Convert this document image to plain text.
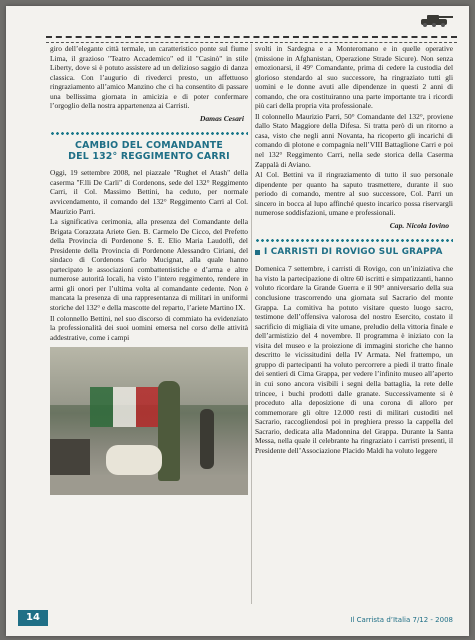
giro dell’elegante città termale, un caratteristico ponte sul fiume Lima, il grazioso "Teatro Accademico" ed il "Casinò" in stile Liberty, dove si è potuto assistere ad un delizioso saggio di danza classica. Con l’augurio di rivederci presto, un affettuoso ringraziamento all’amico Manzino che ci ha consentito di passare una bellissima giornata in amicizia e di poter confermare l’orgoglio della nostra appartenenza ai Carristi.

Damas Cesari
CAMBIO DEL COMANDANTE
DEL 132° REGGIMENTO CARRI

Oggi, 19 settembre 2008, nel piazzale "Rughet el Atash" della caserma "F.lli De Carli" di Cordenons, sede del 132° Reggimento Carri, il Col. Massimo Bettini, ha ceduto, per normale avvicendamento, il comando del 132° Reggimento Carri al Col. Maurizio Parri.

La significativa cerimonia, alla presenza del Comandante della Brigata Corazzata Ariete Gen. B. Carmelo De Cicco, del Prefetto della Provincia di Pordenone S. E. Elio Maria Laudolfi, del Presidente della Provincia di Pordenone Alessandro Ciriani, del sindaco di Cordenons Carlo Mucignat, alla quale hanno partecipato le associazioni combattentistiche e d’arma e altre numerose autorità locali, ha visto l’intero reggimento, rendere in armi gli onori per l’ultima volta al comandante cedente. Non è mancata la presenza di una rappresentanza di militari in uniformi storiche del 132° e della mascotte del reparto, l’ariete Martino IX.

Il colonnello Bettini, nel suo discorso di commiato ha evidenziato la professionalità dei suoi uomini emersa nel corso delle attività addestrative, come i campi

svolti in Sardegna e a Monteromano e in quelle operative (missione in Afghanistan, Operazione Strade Sicure). Non senza emozionarsi, il 49° Comandante, prima di cedere la custodia del glorioso stendardo al suo successore, ha ringraziato tutti gli uomini e le donne avuti alle dipendenze in questi 2 anni di comando, che ora costituiranno una parte importante tra i ricordi più cari della propria vita professionale.

Il colonnello Maurizio Parri, 50° Comandante del 132°, proviene dallo Stato Maggiore della Difesa. Si tratta però di un ritorno a casa, visto che negli anni Novanta, ha ricoperto gli incarichi di comando di plotone e compagnia nell’VIII Battaglione Carri e poi nel 132° Reggimento Carri, nella sede storica della Caserma Zappalà di Aviano.

Al Col. Bettini va il ringraziamento di tutto il suo personale dipendente per quanto ha saputo trasmettere, durante il suo periodo di comando, mentre al suo successore, Col. Parri un sincero in bocca al lupo affinché questo incarico possa riservargli numerose soddisfazioni, umane e professionali.

Cap. Nicola Iovino
I CARRISTI DI ROVIGO SUL GRAPPA

Domenica 7 settembre, i carristi di Rovigo, con un’iniziativa che ha visto la partecipazione di oltre 60 iscritti e simpatizzanti, hanno voluto ricordare la Grande Guerra e il 90° anniversario della sua conclusione trascorrendo una giornata sul Sacrario del monte Grappa. La comitiva ha potuto visitare questo luogo sacro, testimone dell’offensiva valorosa del nostro Esercito, costato il sacrificio di migliaia di vite umane, preludio della vittoria finale e dell’armistizio del 4 novembre. Il programma è iniziato con la visita del museo e la proiezione di immagini storiche che hanno descritto le vicissitudini della IV Armata. Nel frattempo, un gruppo di partecipanti ha voluto percorrere a piedi il tratto finale dei sentieri di Cima Grappa, per vedere l’infinito museo all’aperto in cui sono ancora visibili i segni della battaglia, la rete delle trincee, i buchi prodotti dalle granate. Successivamente si è proceduto alla deposizione di una corona di alloro per commemorare gli oltre 12.000 resti di militari custoditi nel Sacrario, raccogliendosi poi in preghiera presso la cappella del Sacrario, dedicata alla Madonnina del Grappa. Durante la Santa Messa, nella quale il celebrante ha ringraziato i carristi presenti, il Presidente dell’Associazione Placido Maldi ha voluto leggere

14	Il Carrista d’Italia 7/12 - 2008
